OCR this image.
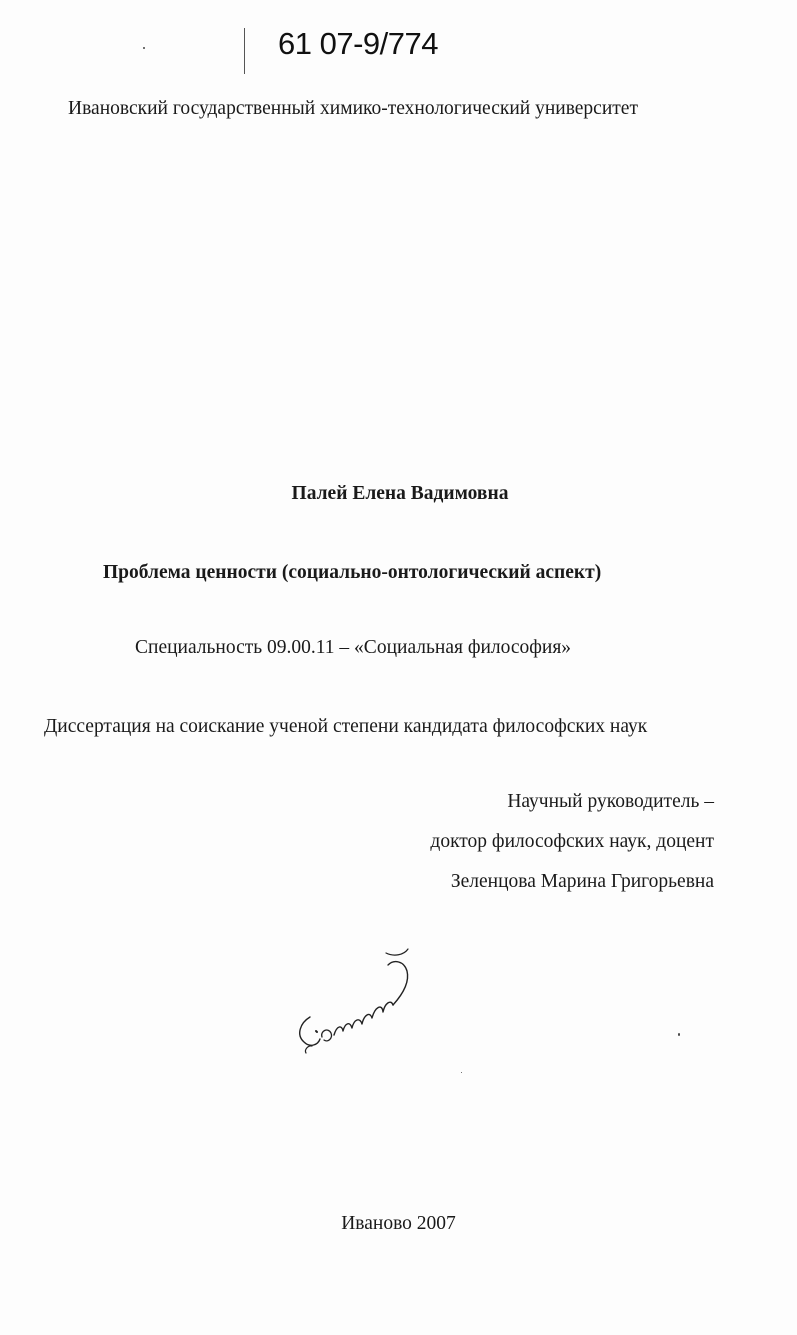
61 07-9/774
Ивановский государственный химико-технологический университет
Палей Елена Вадимовна
Проблема ценности (социально-онтологический аспект)
Специальность 09.00.11 – «Социальная философия»
Диссертация на соискание ученой степени кандидата философских наук
Научный руководитель –
доктор философских наук, доцент
Зеленцова Марина Григорьевна
Иваново 2007
